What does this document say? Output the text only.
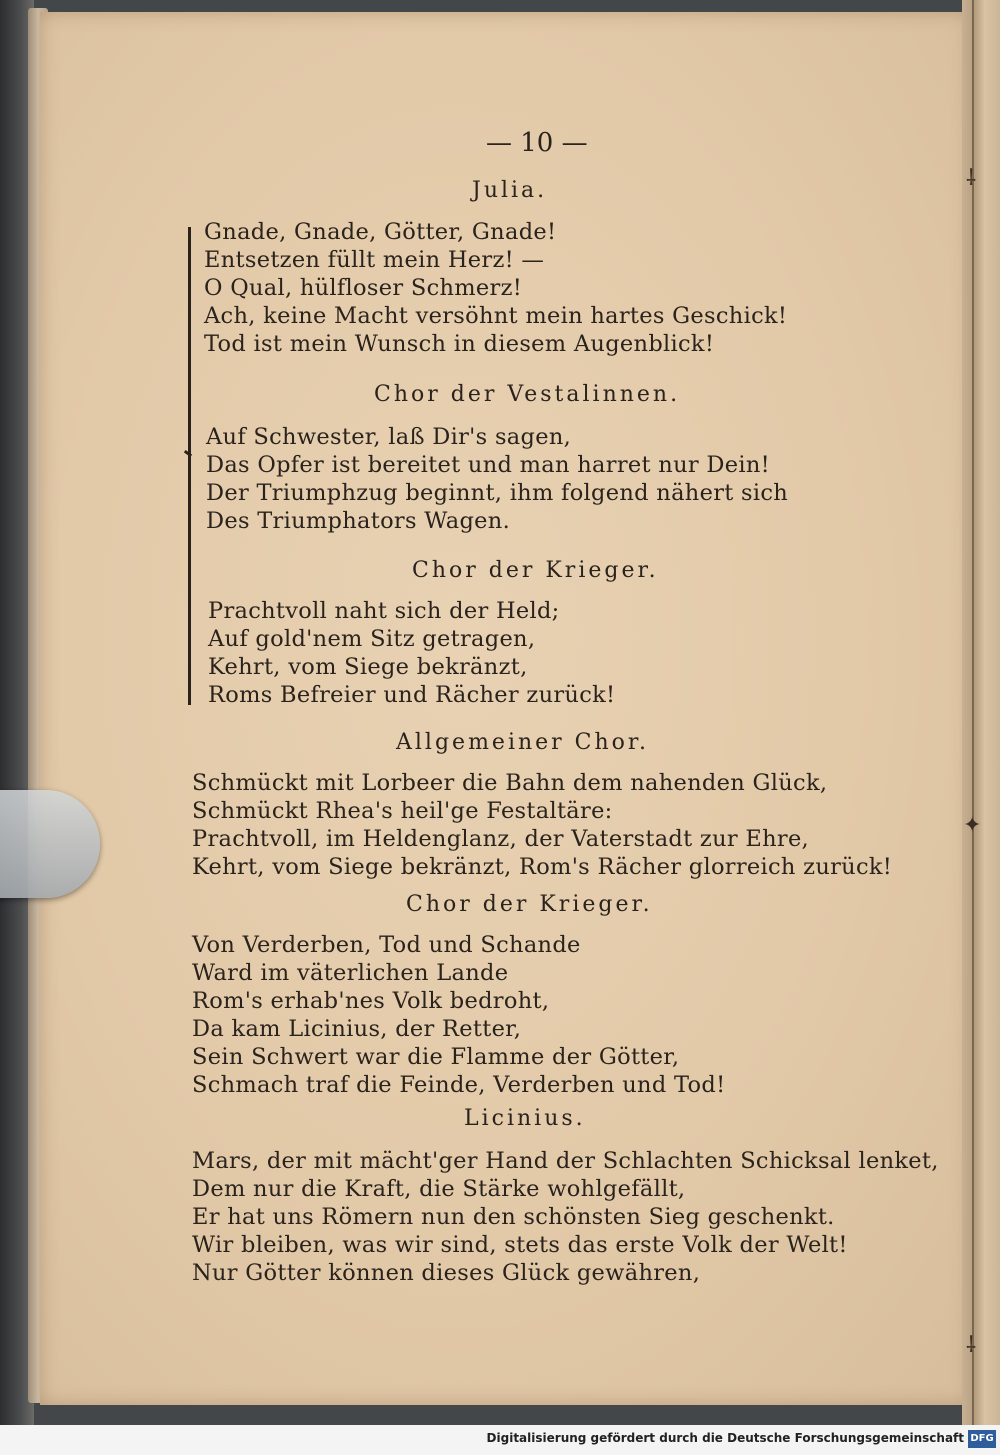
— 10 —
Julia.
Gnade, Gnade, Götter, Gnade!
Entsetzen füllt mein Herz! —
O Qual, hülfloser Schmerz!
Ach, keine Macht versöhnt mein hartes Geschick!
Tod ist mein Wunsch in diesem Augenblick!
Chor der Vestalinnen.
Auf Schwester, laß Dir's sagen,
Das Opfer ist bereitet und man harret nur Dein!
Der Triumphzug beginnt, ihm folgend nähert sich
Des Triumphators Wagen.
Chor der Krieger.
Prachtvoll naht sich der Held;
Auf gold'nem Sitz getragen,
Kehrt, vom Siege bekränzt,
Roms Befreier und Rächer zurück!
Allgemeiner Chor.
Schmückt mit Lorbeer die Bahn dem nahenden Glück,
Schmückt Rhea's heil'ge Festaltäre:
Prachtvoll, im Heldenglanz, der Vaterstadt zur Ehre,
Kehrt, vom Siege bekränzt, Rom's Rächer glorreich zurück!
Chor der Krieger.
Von Verderben, Tod und Schande
Ward im väterlichen Lande
Rom's erhab'nes Volk bedroht,
Da kam Licinius, der Retter,
Sein Schwert war die Flamme der Götter,
Schmach traf die Feinde, Verderben und Tod!
Licinius.
Mars, der mit mächt'ger Hand der Schlachten Schicksal lenket,
Dem nur die Kraft, die Stärke wohlgefällt,
Er hat uns Römern nun den schönsten Sieg geschenkt.
Wir bleiben, was wir sind, stets das erste Volk der Welt!
Nur Götter können dieses Glück gewähren,
⸸
✦
⸸
Digitalisierung gefördert durch die Deutsche Forschungsgemeinschaft DFG
